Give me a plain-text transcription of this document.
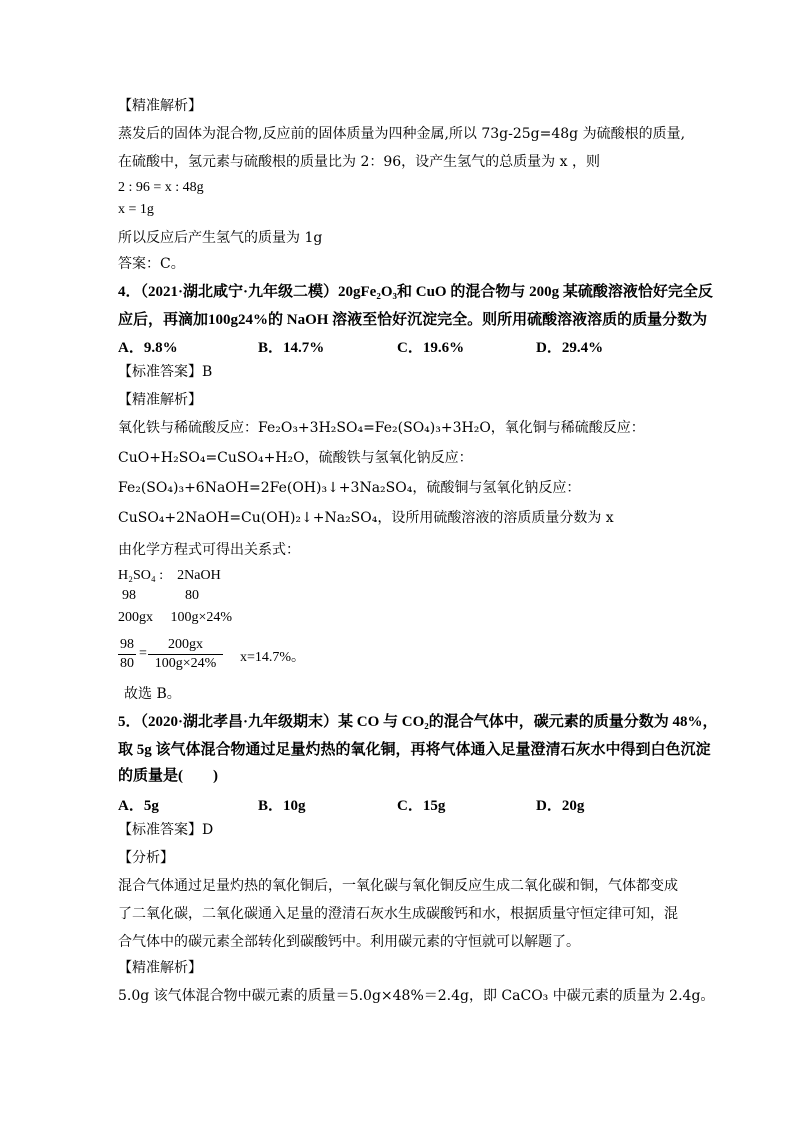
【精准解析】
蒸发后的固体为混合物,反应前的固体质量为四种金属,所以 73g-25g=48g 为硫酸根的质量,
在硫酸中，氢元素与硫酸根的质量比为 2：96，设产生氢气的总质量为 x ，则
2 : 96 = x : 48g
x = 1g
所以反应后产生氢气的质量为 1g
答案：C。
4．（2021·湖北咸宁·九年级二模）20gFe₂O₃和 CuO 的混合物与 200g 某硫酸溶液恰好完全反
应后，再滴加100g24%的 NaOH 溶液至恰好沉淀完全。则所用硫酸溶液溶质的质量分数为
A．9.8%	B．14.7%	C．19.6%	D．29.4%
【标准答案】B
【精准解析】
氧化铁与稀硫酸反应：Fe₂O₃+3H₂SO₄=Fe₂(SO₄)₃+3H₂O，氧化铜与稀硫酸反应：
CuO+H₂SO₄=CuSO₄+H₂O，硫酸铁与氢氧化钠反应：
Fe₂(SO₄)₃+6NaOH=2Fe(OH)₃↓+3Na₂SO₄，硫酸铜与氢氧化钠反应：
CuSO₄+2NaOH=Cu(OH)₂↓+Na₂SO₄，设所用硫酸溶液的溶质质量分数为 x
由化学方程式可得出关系式：
H₂SO₄ :    2NaOH
98              80
200gx     100g×24%
$\frac{98}{80} = \frac{200gx}{100g\times 24\%} x=14.7\%$。
故选 B。
5．（2020·湖北孝昌·九年级期末）某 CO 与 CO₂的混合气体中，碳元素的质量分数为 48%，
取 5g 该气体混合物通过足量灼热的氧化铜，再将气体通入足量澄清石灰水中得到白色沉淀
的质量是(　　)
A．5g	B．10g	C．15g	D．20g
【标准答案】D
【分析】
混合气体通过足量灼热的氧化铜后，一氧化碳与氧化铜反应生成二氧化碳和铜，气体都变成
了二氧化碳，二氧化碳通入足量的澄清石灰水生成碳酸钙和水，根据质量守恒定律可知，混
合气体中的碳元素全部转化到碳酸钙中。利用碳元素的守恒就可以解题了。
【精准解析】
5.0g 该气体混合物中碳元素的质量＝5.0g×48%＝2.4g，即 CaCO₃ 中碳元素的质量为 2.4g。
